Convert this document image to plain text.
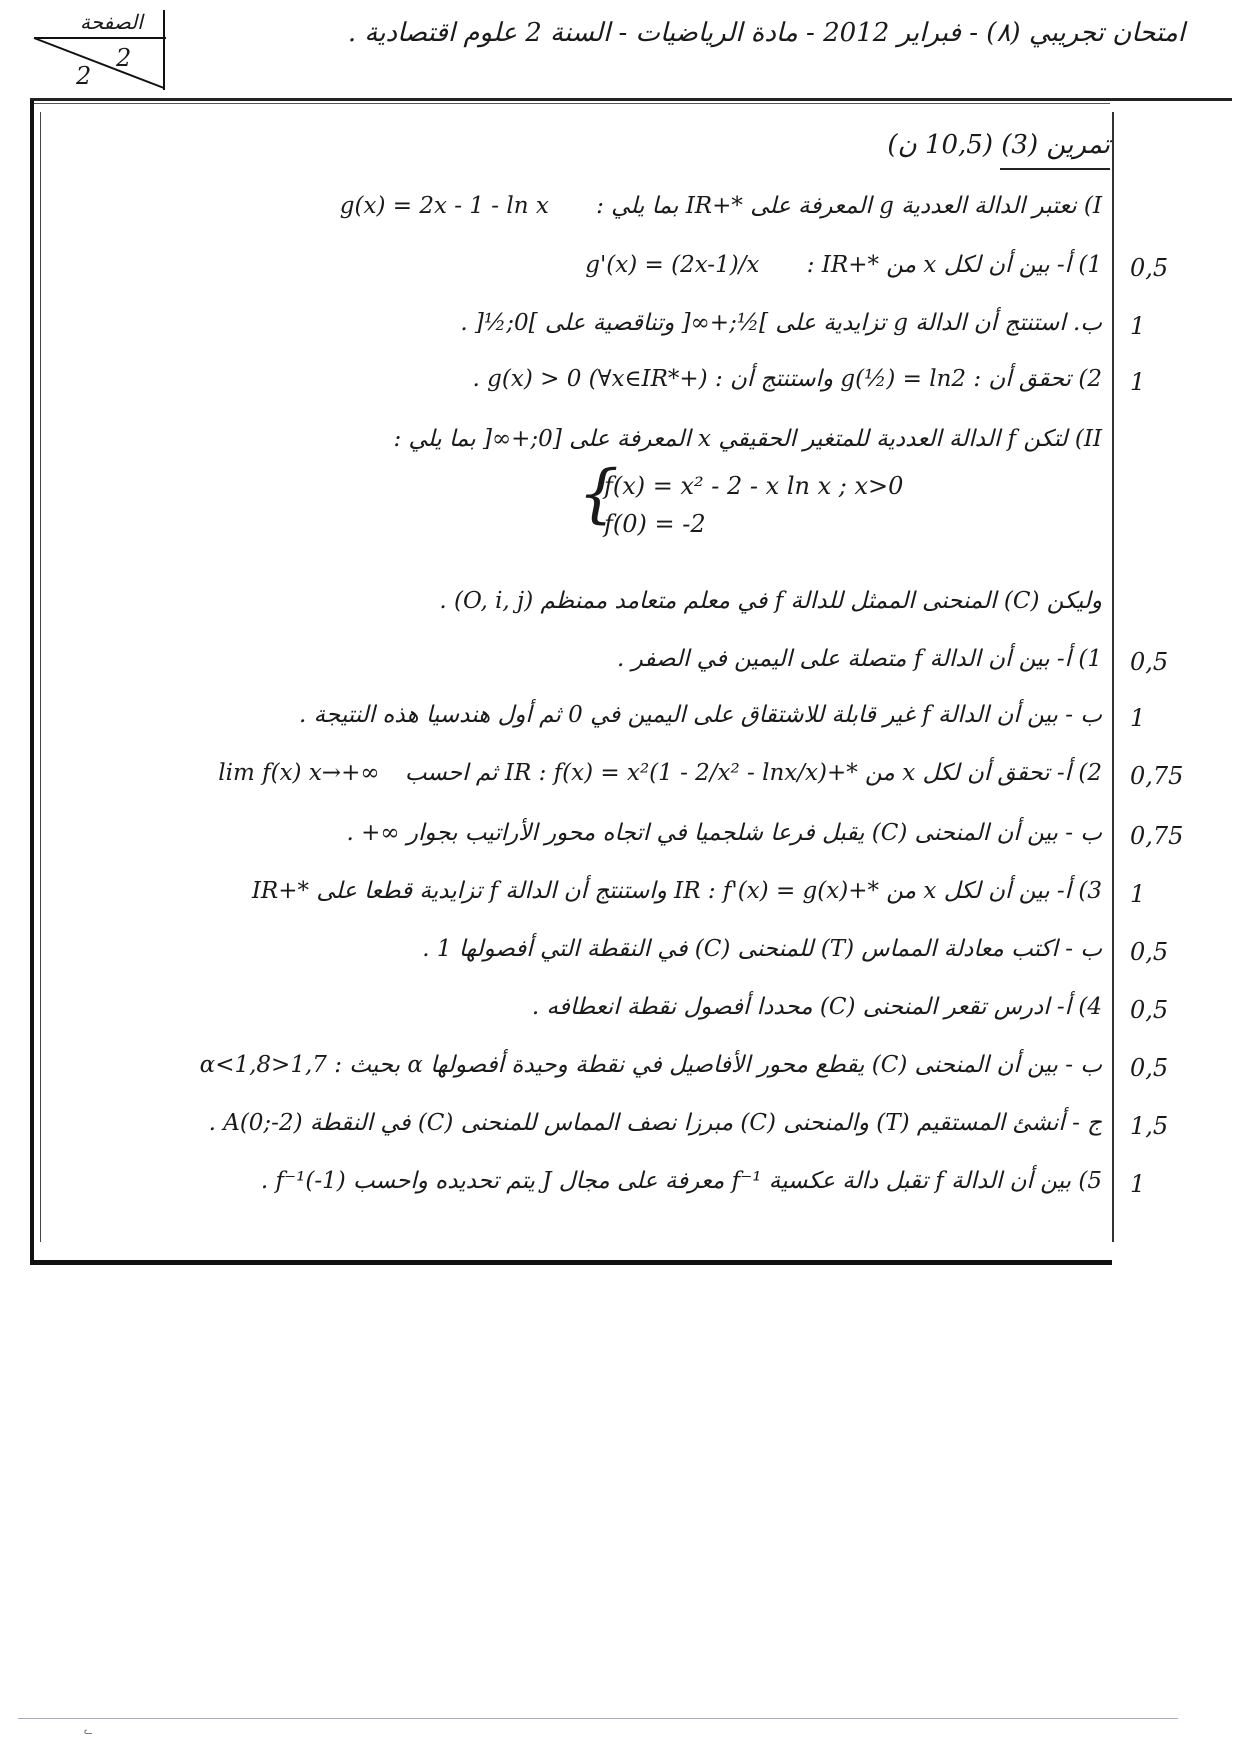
الصفحة
2
2
امتحان تجريبي (٨) - فبراير 2012 - مادة الرياضيات - السنة 2 علوم اقتصادية .
تمرين (3) (10,5 ن)
I) نعتبر الدالة العددية g المعرفة على *+IR بما يلي : g(x) = 2x - 1 - ln x
1) أ- بين أن لكل x من *+IR : g'(x) = (2x-1)/x	0,5
ب. استنتج أن الدالة g تزايدية على ]½;+∞[ وتناقصية على ]0;½[ . 1
2) تحقق أن : g(½) = ln2 واستنتج أن : g(x) > 0 (∀x∈IR*+) . 1
II) لتكن f الدالة العددية للمتغير الحقيقي x المعرفة على [0;+∞[ بما يلي :
{
f(x) = x² - 2 - x ln x ; x>0
f(0) = -2
وليكن (C) المنحنى الممثل للدالة f في معلم متعامد ممنظم (O, i, j) .
1) أ- بين أن الدالة f متصلة على اليمين في الصفر . 0,5
ب - بين أن الدالة f غير قابلة للاشتقاق على اليمين في 0 ثم أول هندسيا هذه النتيجة . 1
2) أ- تحقق أن لكل x من *+IR : f(x) = x²(1 - 2/x² - lnx/x) ثم احسب lim f(x) x→+∞	0,75
ب - بين أن المنحنى (C) يقبل فرعا شلجميا في اتجاه محور الأراتيب بجوار ∞+ . 0,75
3) أ- بين أن لكل x من *+IR : f'(x) = g(x) واستنتج أن الدالة f تزايدية قطعا على *+IR 1
ب - اكتب معادلة المماس (T) للمنحنى (C) في النقطة التي أفصولها 1 . 0,5
4) أ- ادرس تقعر المنحنى (C) محددا أفصول نقطة انعطافه . 0,5
ب - بين أن المنحنى (C) يقطع محور الأفاصيل في نقطة وحيدة أفصولها α بحيث : 1,7<α<1,8 0,5
ج - أنشئ المستقيم (T) والمنحنى (C) مبرزا نصف المماس للمنحنى (C) في النقطة A(0;-2) . 1,5
5) بين أن الدالة f تقبل دالة عكسية f⁻¹ معرفة على مجال J يتم تحديده واحسب f⁻¹(-1) . 1
ᓚ
